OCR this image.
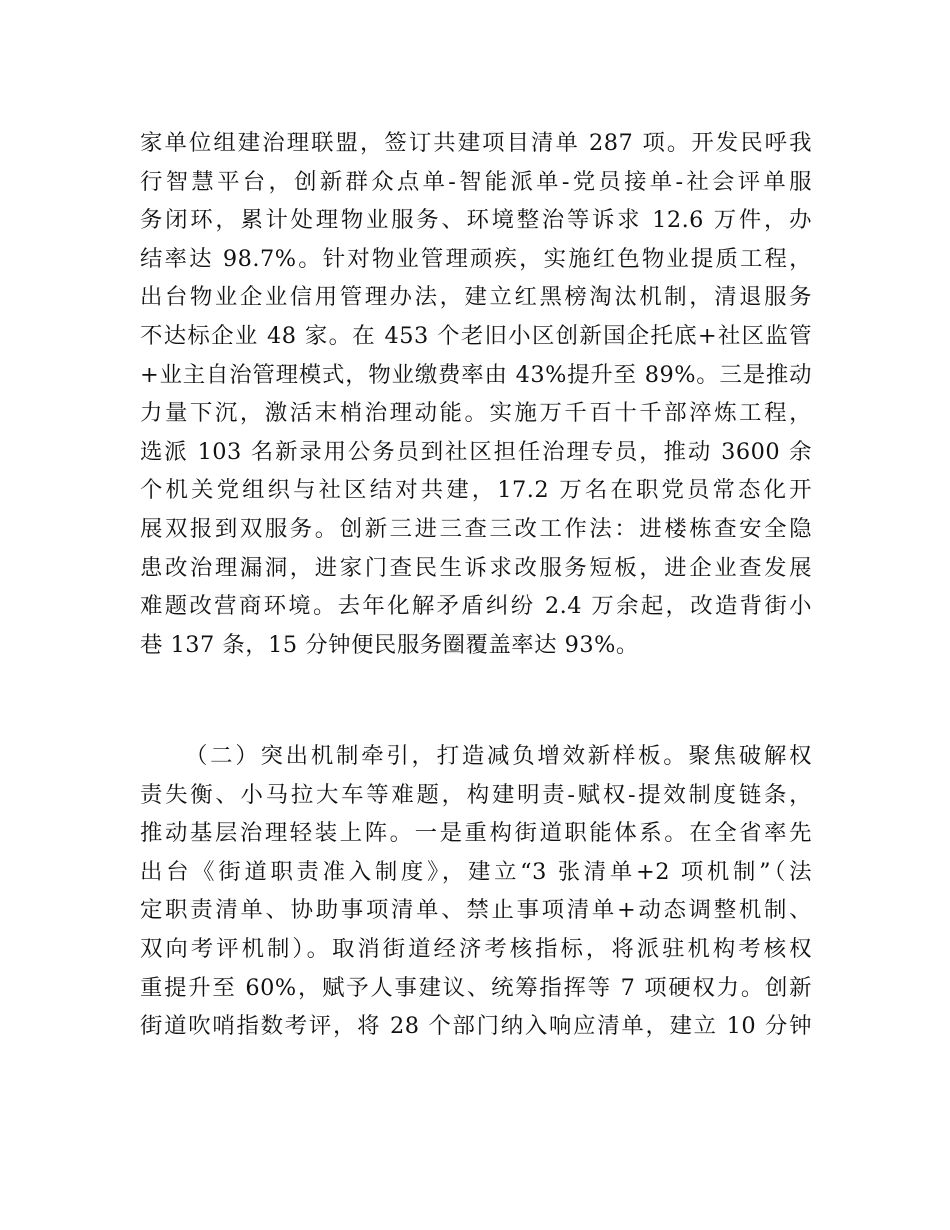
家单位组建治理联盟，签订共建项目清单 287 项。开发民呼我
行智慧平台，创新群众点单-智能派单-党员接单-社会评单服
务闭环，累计处理物业服务、环境整治等诉求 12.6 万件，办
结率达 98.7%。针对物业管理顽疾，实施红色物业提质工程，
出台物业企业信用管理办法，建立红黑榜淘汰机制，清退服务
不达标企业 48 家。在 453 个老旧小区创新国企托底+社区监管
+业主自治管理模式，物业缴费率由 43%提升至 89%。三是推动
力量下沉，激活末梢治理动能。实施万千百十千部淬炼工程，
选派 103 名新录用公务员到社区担任治理专员，推动 3600 余
个机关党组织与社区结对共建，17.2 万名在职党员常态化开
展双报到双服务。创新三进三查三改工作法：进楼栋查安全隐
患改治理漏洞，进家门查民生诉求改服务短板，进企业查发展
难题改营商环境。去年化解矛盾纠纷 2.4 万余起，改造背街小
巷 137 条，15 分钟便民服务圈覆盖率达 93%。
（二）突出机制牵引，打造减负增效新样板。聚焦破解权
责失衡、小马拉大车等难题，构建明责-赋权-提效制度链条，
推动基层治理轻装上阵。一是重构街道职能体系。在全省率先
出台《街道职责准入制度》，建立“3 张清单+2 项机制”（法
定职责清单、协助事项清单、禁止事项清单+动态调整机制、
双向考评机制）。取消街道经济考核指标，将派驻机构考核权
重提升至 60%，赋予人事建议、统筹指挥等 7 项硬权力。创新
街道吹哨指数考评，将 28 个部门纳入响应清单，建立 10 分钟
